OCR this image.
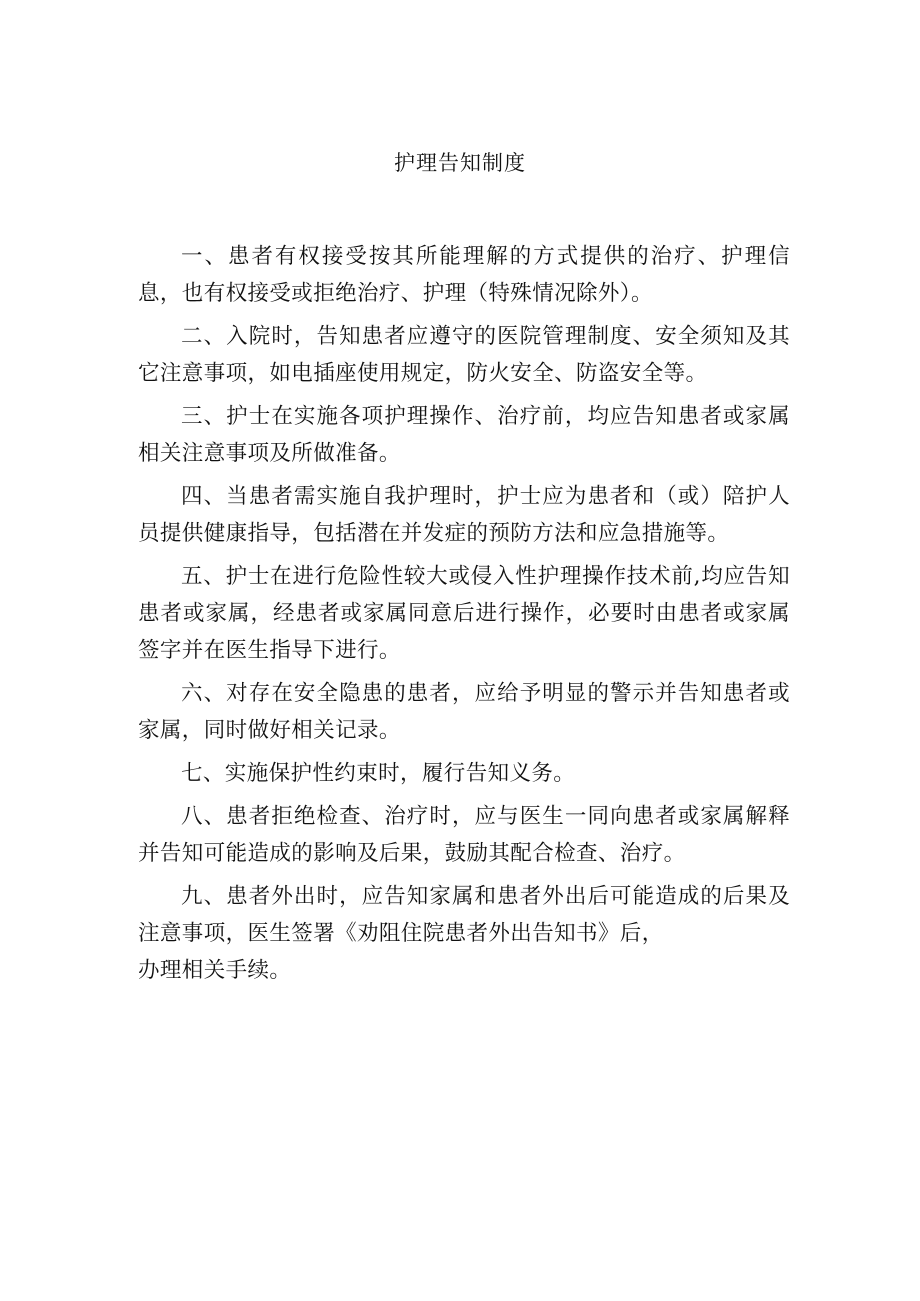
护理告知制度

一、患者有权接受按其所能理解的方式提供的治疗、护理信息，也有权接受或拒绝治疗、护理（特殊情况除外）。

二、入院时，告知患者应遵守的医院管理制度、安全须知及其它注意事项，如电插座使用规定，防火安全、防盗安全等。

三、护士在实施各项护理操作、治疗前，均应告知患者或家属相关注意事项及所做准备。

四、当患者需实施自我护理时，护士应为患者和（或）陪护人员提供健康指导，包括潜在并发症的预防方法和应急措施等。

五、护士在进行危险性较大或侵入性护理操作技术前,均应告知患者或家属，经患者或家属同意后进行操作，必要时由患者或家属签字并在医生指导下进行。

六、对存在安全隐患的患者，应给予明显的警示并告知患者或家属，同时做好相关记录。

七、实施保护性约束时，履行告知义务。

八、患者拒绝检查、治疗时，应与医生一同向患者或家属解释并告知可能造成的影响及后果，鼓励其配合检查、治疗。

九、患者外出时，应告知家属和患者外出后可能造成的后果及注意事项，医生签署《劝阻住院患者外出告知书》后，

办理相关手续。
